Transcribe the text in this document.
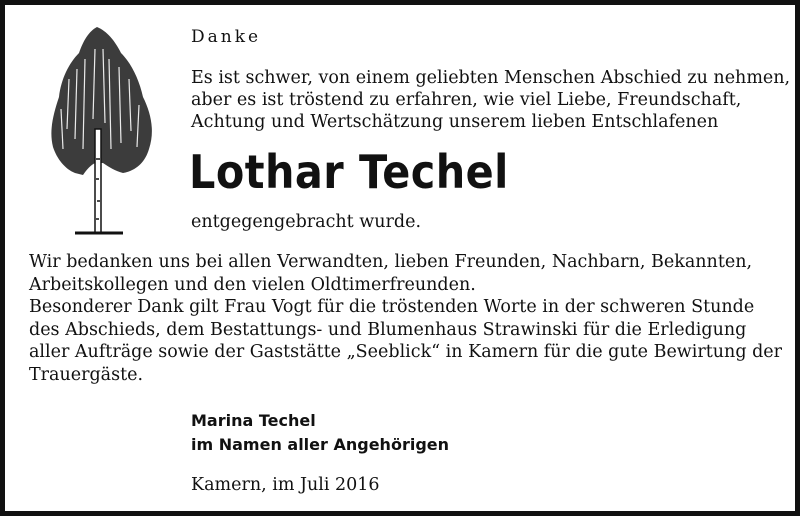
Danke
Es ist schwer, von einem geliebten Menschen Abschied zu nehmen,
aber es ist tröstend zu erfahren, wie viel Liebe, Freundschaft,
Achtung und Wertschätzung unserem lieben Entschlafenen
Lothar Techel
entgegengebracht wurde.
Wir bedanken uns bei allen Verwandten, lieben Freunden, Nachbarn, Bekannten,
Arbeitskollegen und den vielen Oldtimerfreunden.
Besonderer Dank gilt Frau Vogt für die tröstenden Worte in der schweren Stunde
des Abschieds, dem Bestattungs- und Blumenhaus Strawinski für die Erledigung
aller Aufträge sowie der Gaststätte „Seeblick“ in Kamern für die gute Bewirtung der
Trauergäste.
Marina Techel
im Namen aller Angehörigen
Kamern, im Juli 2016
